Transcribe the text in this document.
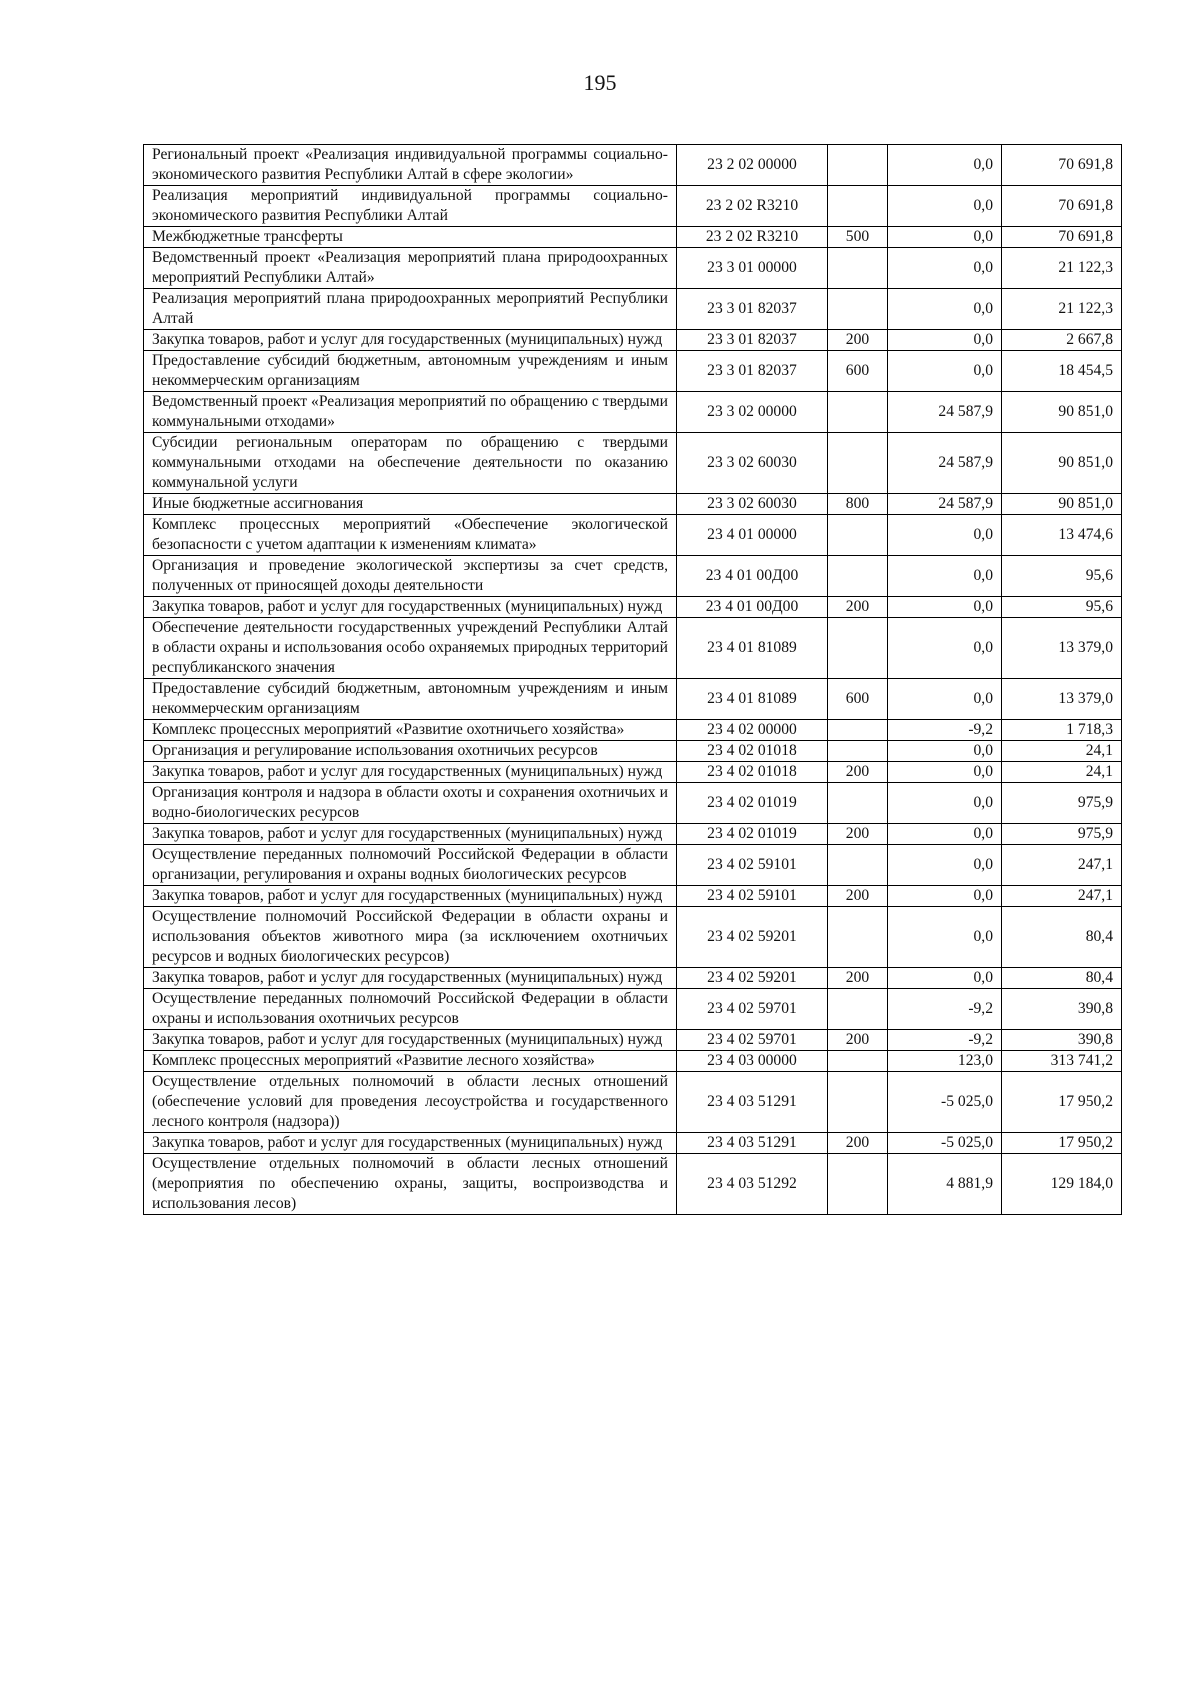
195
Региональный проект «Реализация индивидуальной программы социально-экономического развития Республики Алтай в сфере экологии»	23 2 02 00000		0,0	70 691,8
Реализация мероприятий индивидуальной программы социально-экономического развития Республики Алтай	23 2 02 R3210		0,0	70 691,8
Межбюджетные трансферты	23 2 02 R3210	500	0,0	70 691,8
Ведомственный проект «Реализация мероприятий плана природоохранных мероприятий Республики Алтай»	23 3 01 00000		0,0	21 122,3
Реализация мероприятий плана природоохранных мероприятий Республики Алтай	23 3 01 82037		0,0	21 122,3
Закупка товаров, работ и услуг для государственных (муниципальных) нужд	23 3 01 82037	200	0,0	2 667,8
Предоставление субсидий бюджетным, автономным учреждениям и иным некоммерческим организациям	23 3 01 82037	600	0,0	18 454,5
Ведомственный проект «Реализация мероприятий по обращению с твердыми коммунальными отходами»	23 3 02 00000		24 587,9	90 851,0
Субсидии региональным операторам по обращению с твердыми коммунальными отходами на обеспечение деятельности по оказанию коммунальной услуги	23 3 02 60030		24 587,9	90 851,0
Иные бюджетные ассигнования	23 3 02 60030	800	24 587,9	90 851,0
Комплекс процессных мероприятий «Обеспечение экологической безопасности с учетом адаптации к изменениям климата»	23 4 01 00000		0,0	13 474,6
Организация и проведение экологической экспертизы за счет средств, полученных от приносящей доходы деятельности	23 4 01 00Д00		0,0	95,6
Закупка товаров, работ и услуг для государственных (муниципальных) нужд	23 4 01 00Д00	200	0,0	95,6
Обеспечение деятельности государственных учреждений Республики Алтай в области охраны и использования особо охраняемых природных территорий республиканского значения	23 4 01 81089		0,0	13 379,0
Предоставление субсидий бюджетным, автономным учреждениям и иным некоммерческим организациям	23 4 01 81089	600	0,0	13 379,0
Комплекс процессных мероприятий «Развитие охотничьего хозяйства»	23 4 02 00000		-9,2	1 718,3
Организация и регулирование использования охотничьих ресурсов	23 4 02 01018		0,0	24,1
Закупка товаров, работ и услуг для государственных (муниципальных) нужд	23 4 02 01018	200	0,0	24,1
Организация контроля и надзора в области охоты и сохранения охотничьих и водно-биологических ресурсов	23 4 02 01019		0,0	975,9
Закупка товаров, работ и услуг для государственных (муниципальных) нужд	23 4 02 01019	200	0,0	975,9
Осуществление переданных полномочий Российской Федерации в области организации, регулирования и охраны водных биологических ресурсов	23 4 02 59101		0,0	247,1
Закупка товаров, работ и услуг для государственных (муниципальных) нужд	23 4 02 59101	200	0,0	247,1
Осуществление полномочий Российской Федерации в области охраны и использования объектов животного мира (за исключением охотничьих ресурсов и водных биологических ресурсов)	23 4 02 59201		0,0	80,4
Закупка товаров, работ и услуг для государственных (муниципальных) нужд	23 4 02 59201	200	0,0	80,4
Осуществление переданных полномочий Российской Федерации в области охраны и использования охотничьих ресурсов	23 4 02 59701		-9,2	390,8
Закупка товаров, работ и услуг для государственных (муниципальных) нужд	23 4 02 59701	200	-9,2	390,8
Комплекс процессных мероприятий «Развитие лесного хозяйства»	23 4 03 00000		123,0	313 741,2
Осуществление отдельных полномочий в области лесных отношений (обеспечение условий для проведения лесоустройства и государственного лесного контроля (надзора))	23 4 03 51291		-5 025,0	17 950,2
Закупка товаров, работ и услуг для государственных (муниципальных) нужд	23 4 03 51291	200	-5 025,0	17 950,2
Осуществление отдельных полномочий в области лесных отношений (мероприятия по обеспечению охраны, защиты, воспроизводства и использования лесов)	23 4 03 51292		4 881,9	129 184,0
